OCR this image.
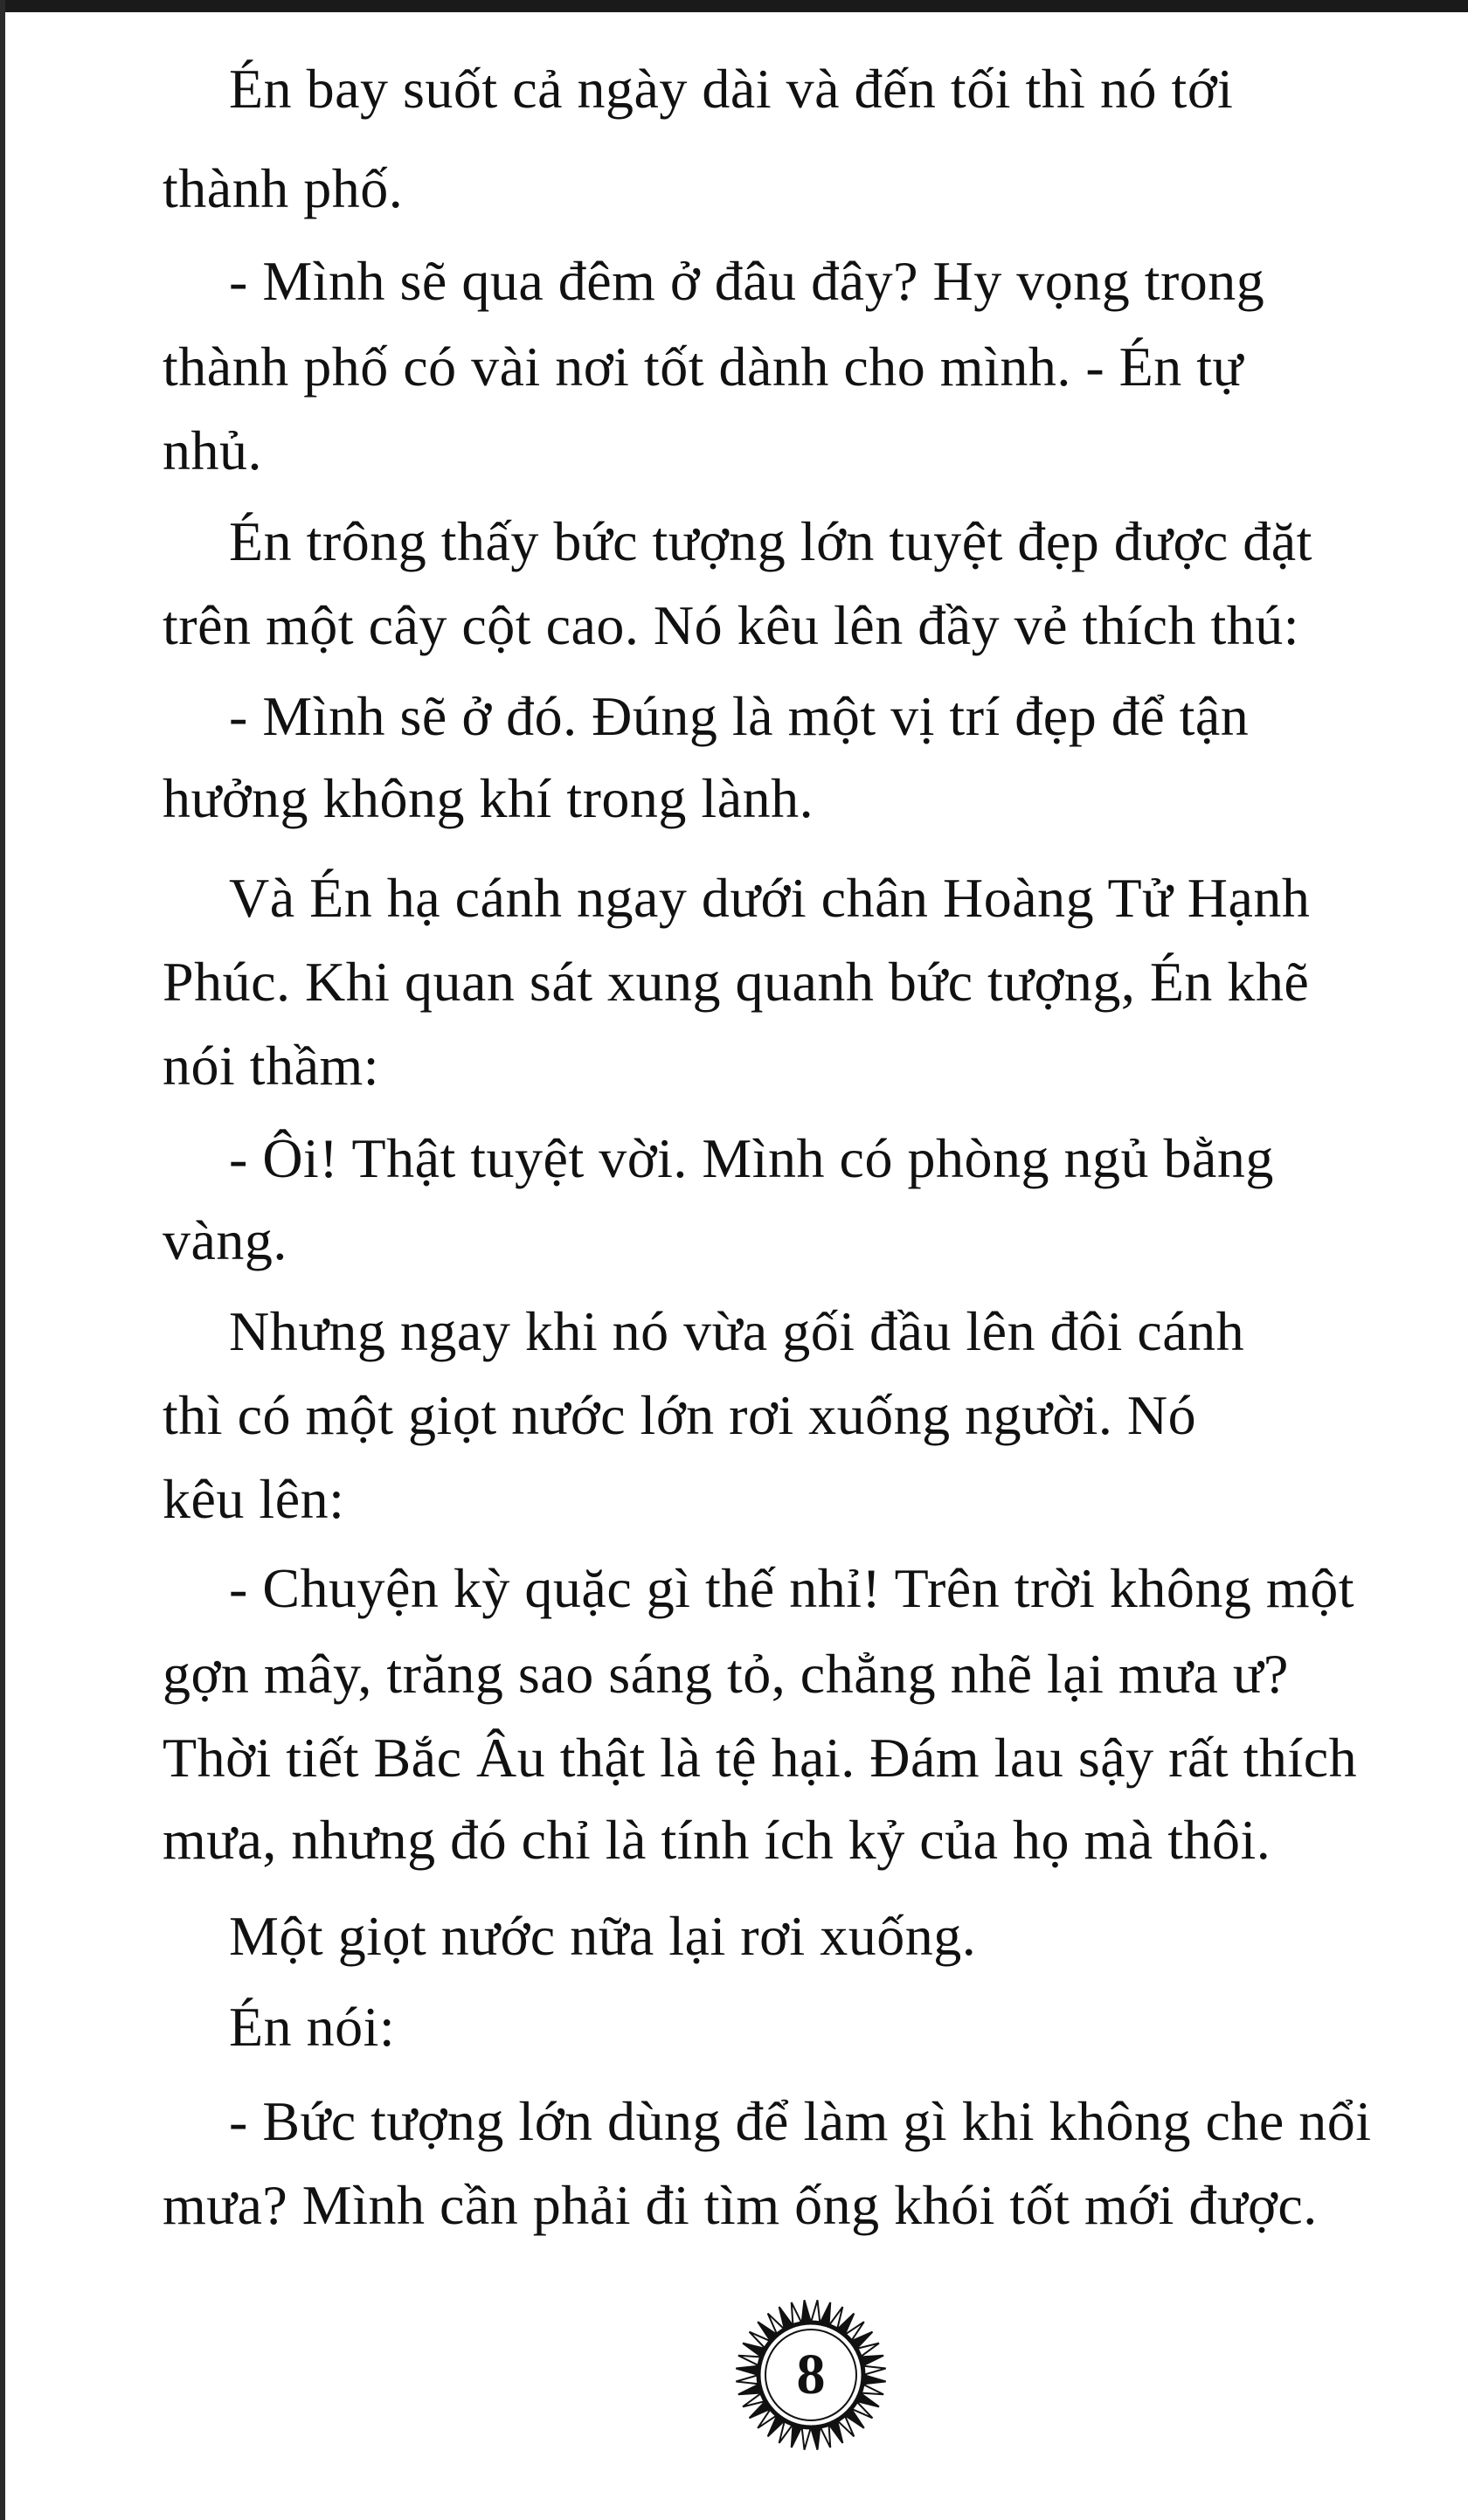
Én bay suốt cả ngày dài và đến tối thì nó tới
thành phố.
- Mình sẽ qua đêm ở đâu đây? Hy vọng trong
thành phố có vài nơi tốt dành cho mình. - Én tự
nhủ.
Én trông thấy bức tượng lớn tuyệt đẹp được đặt
trên một cây cột cao. Nó kêu lên đầy vẻ thích thú:
- Mình sẽ ở đó. Đúng là một vị trí đẹp để tận
hưởng không khí trong lành.
Và Én hạ cánh ngay dưới chân Hoàng Tử Hạnh
Phúc. Khi quan sát xung quanh bức tượng, Én khẽ
nói thầm:
- Ôi! Thật tuyệt vời. Mình có phòng ngủ bằng
vàng.
Nhưng ngay khi nó vừa gối đầu lên đôi cánh
thì có một giọt nước lớn rơi xuống người. Nó
kêu lên:
- Chuyện kỳ quặc gì thế nhỉ! Trên trời không một
gợn mây, trăng sao sáng tỏ, chẳng nhẽ lại mưa ư?
Thời tiết Bắc Âu thật là tệ hại. Đám lau sậy rất thích
mưa, nhưng đó chỉ là tính ích kỷ của họ mà thôi.
Một giọt nước nữa lại rơi xuống.
Én nói:
- Bức tượng lớn dùng để làm gì khi không che nổi
mưa? Mình cần phải đi tìm ống khói tốt mới được.
8
